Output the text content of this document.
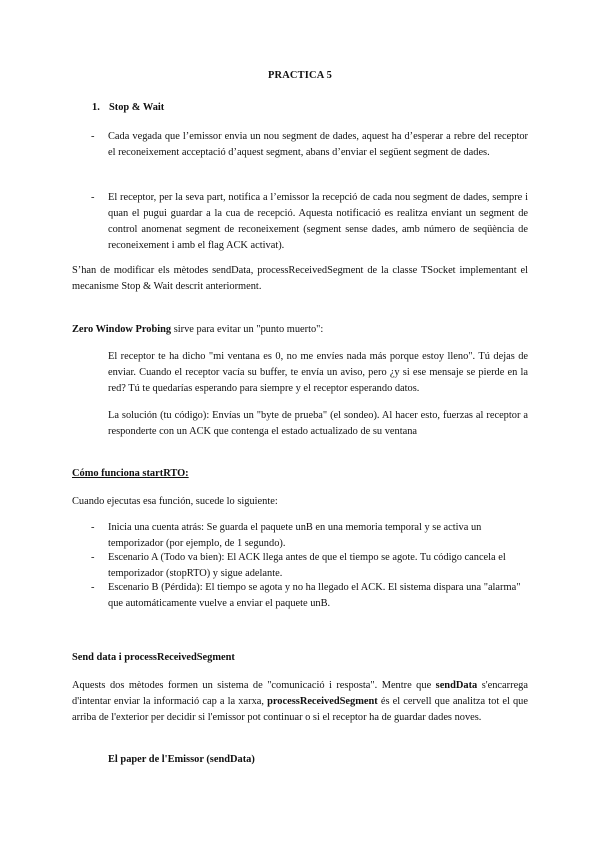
PRACTICA 5
1. Stop & Wait
- Cada vegada que l’emissor envia un nou segment de dades, aquest ha d’esperar a rebre del receptor el reconeixement acceptació d’aquest segment, abans d’enviar el següent segment de dades.
- El receptor, per la seva part, notifica a l’emissor la recepció de cada nou segment de dades, sempre i quan el pugui guardar a la cua de recepció. Aquesta notificació es realitza enviant un segment de control anomenat segment de reconeixement (segment sense dades, amb número de seqüència de reconeixement i amb el flag ACK activat).
S’han de modificar els mètodes sendData, processReceivedSegment de la classe TSocket implementant el mecanisme Stop & Wait descrit anteriorment.
Zero Window Probing sirve para evitar un "punto muerto":
El receptor te ha dicho "mi ventana es 0, no me envíes nada más porque estoy lleno". Tú dejas de enviar. Cuando el receptor vacía su buffer, te envía un aviso, pero ¿y si ese mensaje se pierde en la red? Tú te quedarías esperando para siempre y el receptor esperando datos.
La solución (tu código): Envías un "byte de prueba" (el sondeo). Al hacer esto, fuerzas al receptor a responderte con un ACK que contenga el estado actualizado de su ventana
Cómo funciona startRTO:
Cuando ejecutas esa función, sucede lo siguiente:
- Inicia una cuenta atrás: Se guarda el paquete unB en una memoria temporal y se activa un temporizador (por ejemplo, de 1 segundo).
- Escenario A (Todo va bien): El ACK llega antes de que el tiempo se agote. Tu código cancela el temporizador (stopRTO) y sigue adelante.
- Escenario B (Pérdida): El tiempo se agota y no ha llegado el ACK. El sistema dispara una "alarma" que automáticamente vuelve a enviar el paquete unB.
Send data i processReceivedSegment
Aquests dos mètodes formen un sistema de "comunicació i resposta". Mentre que sendData s'encarrega d'intentar enviar la informació cap a la xarxa, processReceivedSegment és el cervell que analitza tot el que arriba de l'exterior per decidir si l'emissor pot continuar o si el receptor ha de guardar dades noves.
El paper de l'Emissor (sendData)
